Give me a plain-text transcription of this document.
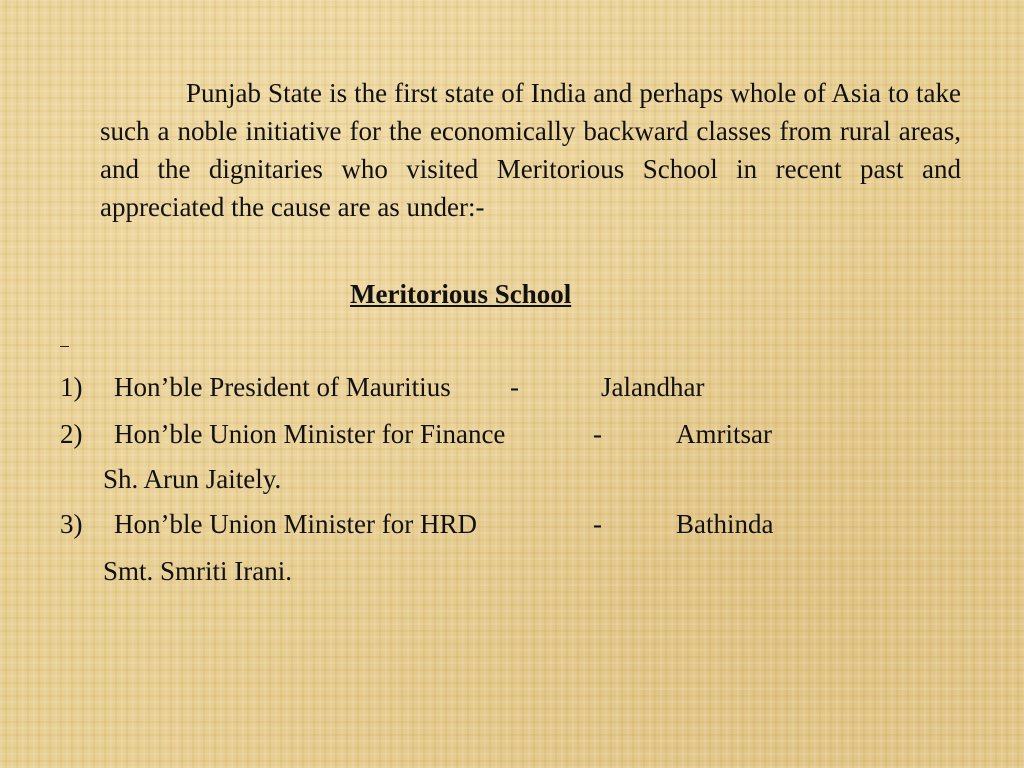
Punjab State is the first state of India and perhaps whole of Asia to take such a noble initiative for the economically backward classes from rural areas, and the dignitaries who visited Meritorious School in recent past and appreciated the cause are as under:-

Meritorious School

1) Hon’ble President of Mauritius -	Jalandhar
2) Hon’ble Union Minister for Finance	-	Amritsar
Sh. Arun Jaitely.
3) Hon’ble Union Minister for HRD	-	Bathinda
Smt. Smriti Irani.
